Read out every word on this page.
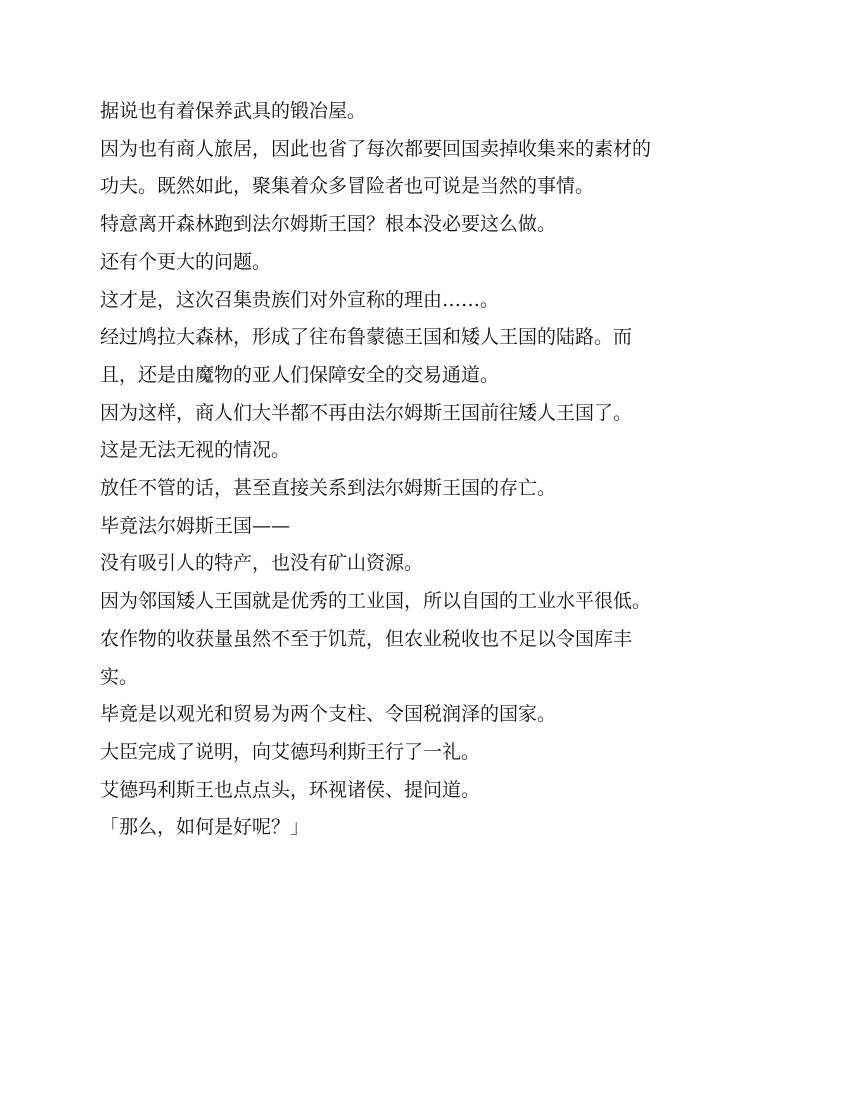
据说也有着保养武具的锻冶屋。

因为也有商人旅居，因此也省了每次都要回国卖掉收集来的素材的

功夫。既然如此，聚集着众多冒险者也可说是当然的事情。

特意离开森林跑到法尔姆斯王国？根本没必要这么做。

还有个更大的问题。

这才是，这次召集贵族们对外宣称的理由……。

经过鸠拉大森林，形成了往布鲁蒙德王国和矮人王国的陆路。而

且，还是由魔物的亚人们保障安全的交易通道。

因为这样，商人们大半都不再由法尔姆斯王国前往矮人王国了。

这是无法无视的情况。

放任不管的话，甚至直接关系到法尔姆斯王国的存亡。

毕竟法尔姆斯王国——

没有吸引人的特产，也没有矿山资源。

因为邻国矮人王国就是优秀的工业国，所以自国的工业水平很低。

农作物的收获量虽然不至于饥荒，但农业税收也不足以令国库丰

实。

毕竟是以观光和贸易为两个支柱、令国税润泽的国家。

大臣完成了说明，向艾德玛利斯王行了一礼。

艾德玛利斯王也点点头，环视诸侯、提问道。

「那么，如何是好呢？」
